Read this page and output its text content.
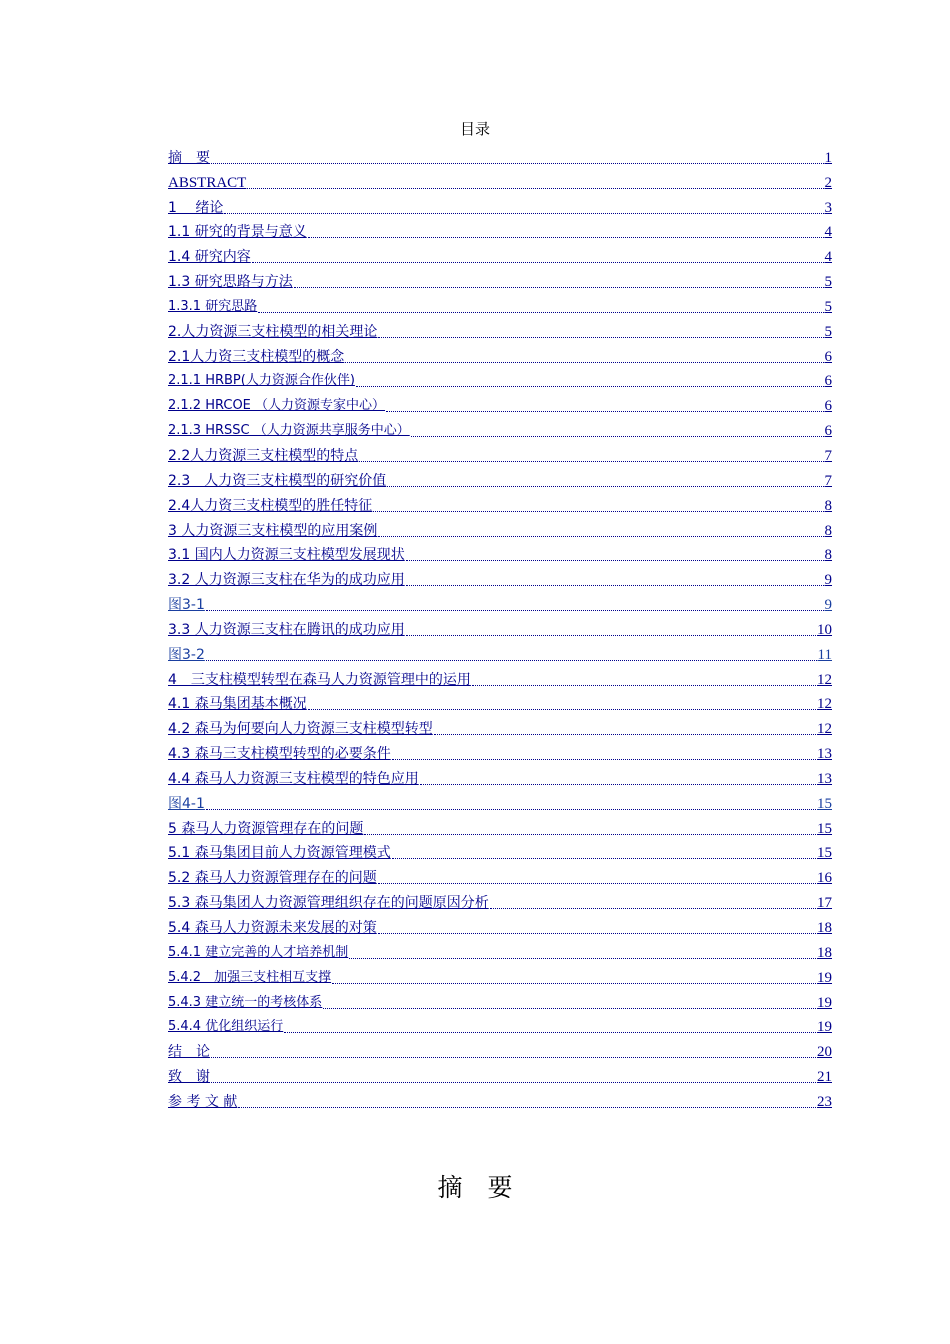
目录
摘　要	1
ABSTRACT	2
1　 绪论	3
1.1 研究的背景与意义	4
1.4 研究内容	4
1.3 研究思路与方法	5
1.3.1 研究思路	5
2.人力资源三支柱模型的相关理论	5
2.1人力资三支柱模型的概念	6
2.1.1 HRBP(人力资源合作伙伴)	6
2.1.2 HRCOE （人力资源专家中心）	6
2.1.3 HRSSC （人力资源共享服务中心）	6
2.2人力资源三支柱模型的特点	7
2.3　人力资三支柱模型的研究价值	7
2.4人力资三支柱模型的胜任特征	8
3 人力资源三支柱模型的应用案例	8
3.1 国内人力资源三支柱模型发展现状	8
3.2 人力资源三支柱在华为的成功应用	9
图3-1	9
3.3 人力资源三支柱在腾讯的成功应用	10
图3-2	11
4　三支柱模型转型在森马人力资源管理中的运用	12
4.1 森马集团基本概况	12
4.2 森马为何要向人力资源三支柱模型转型	12
4.3 森马三支柱模型转型的必要条件	13
4.4 森马人力资源三支柱模型的特色应用	13
图4-1	15
5 森马人力资源管理存在的问题	15
5.1 森马集团目前人力资源管理模式	15
5.2 森马人力资源管理存在的问题	16
5.3 森马集团人力资源管理组织存在的问题原因分析	17
5.4 森马人力资源未来发展的对策	18
5.4.1 建立完善的人才培养机制	18
5.4.2　加强三支柱相互支撑	19
5.4.3 建立统一的考核体系	19
5.4.4 优化组织运行	19
结　论	20
致　谢	21
参 考 文 献	23
摘　要
